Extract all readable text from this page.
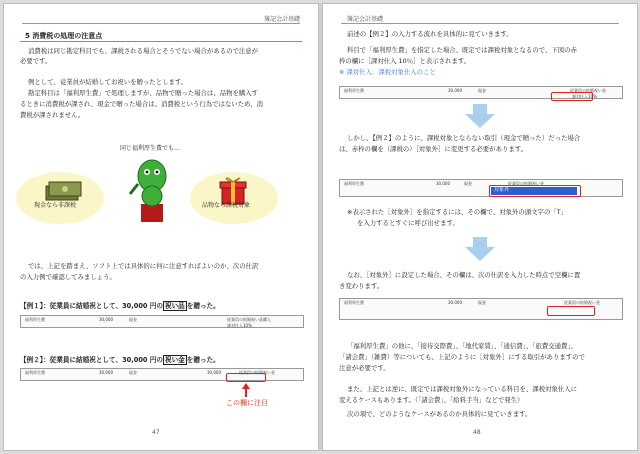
簿記会計基礎
5 消費税の処理の注意点
消費税は同じ勘定科目でも、課税される場合とそうでない場合があるので注意が
必要です。
例として、従業員が結婚してお祝いを贈ったとします。
勘定科目は「福利厚生費」で処理しますが、品物で贈った場合は、品物を購入す
るときに消費税が課され、現金で贈った場合は、消費税という行為ではないため、消
費税が課されません。
同じ福利厚生費でも…
現金なら非課税	品物なら課税対象
では、上記を踏まえ、ソフト上では具体的に何に注意すればよいのか、次の仕訳
の入力例で確認してみましょう。
【例１】：従業員に結婚祝として、30,000 円の 祝い品 を贈った。
福利厚生費	30,000	現金	従業員の結婚祝い品購入
課対仕入10%
【例２】：従業員に結婚祝として、30,000 円の 祝い金 を贈った。
福利厚生費	30,000	現金	30,000	従業員の結婚祝い金
この欄に注目
47
簿記会計基礎
前述の【例２】の入力する流れを具体的に見ていきます。
科目で「福利厚生費」を指定した場合、既定では課税対象となるので、下図の赤
枠の欄に［課対仕入 10％］と表示されます。
※ 課対仕入：課税対象仕入のこと
福利厚生費	30,000	現金	従業員の結婚祝い金
課対仕入10%
しかし、【例２】のように、課税対象とならない取引（現金で贈った）だった場合
は、赤枠の欄を（課税の）［対象外］に変更する必要があります。
福利厚生費	30,000	現金	従業員の結婚祝い金
対象外
※表示された［対象外］を指定するには、その欄で、対象外の頭文字の「T」
を入力するとすぐに呼び出せます。
なお、［対象外］に設定した場合、その欄は、次の仕訳を入力した時点で空欄に置
き変わります。
福利厚生費	30,000	現金	従業員の結婚祝い金
「福利厚生費」の他に、「接待交際費」、「地代家賃」、「通信費」、「旅費交通費」、
「諸会費」（雑費）等についても、上記のように［対象外］にする取引がありますので
注意が必要です。
また、上記とは逆に、既定では課税対象外になっている科目を、課税対象仕入に
変えるケースもあります。（「諸会費」、「給料手当」などで発生）
次の項で、どのようなケースがあるのか具体的に見ていきます。
48
